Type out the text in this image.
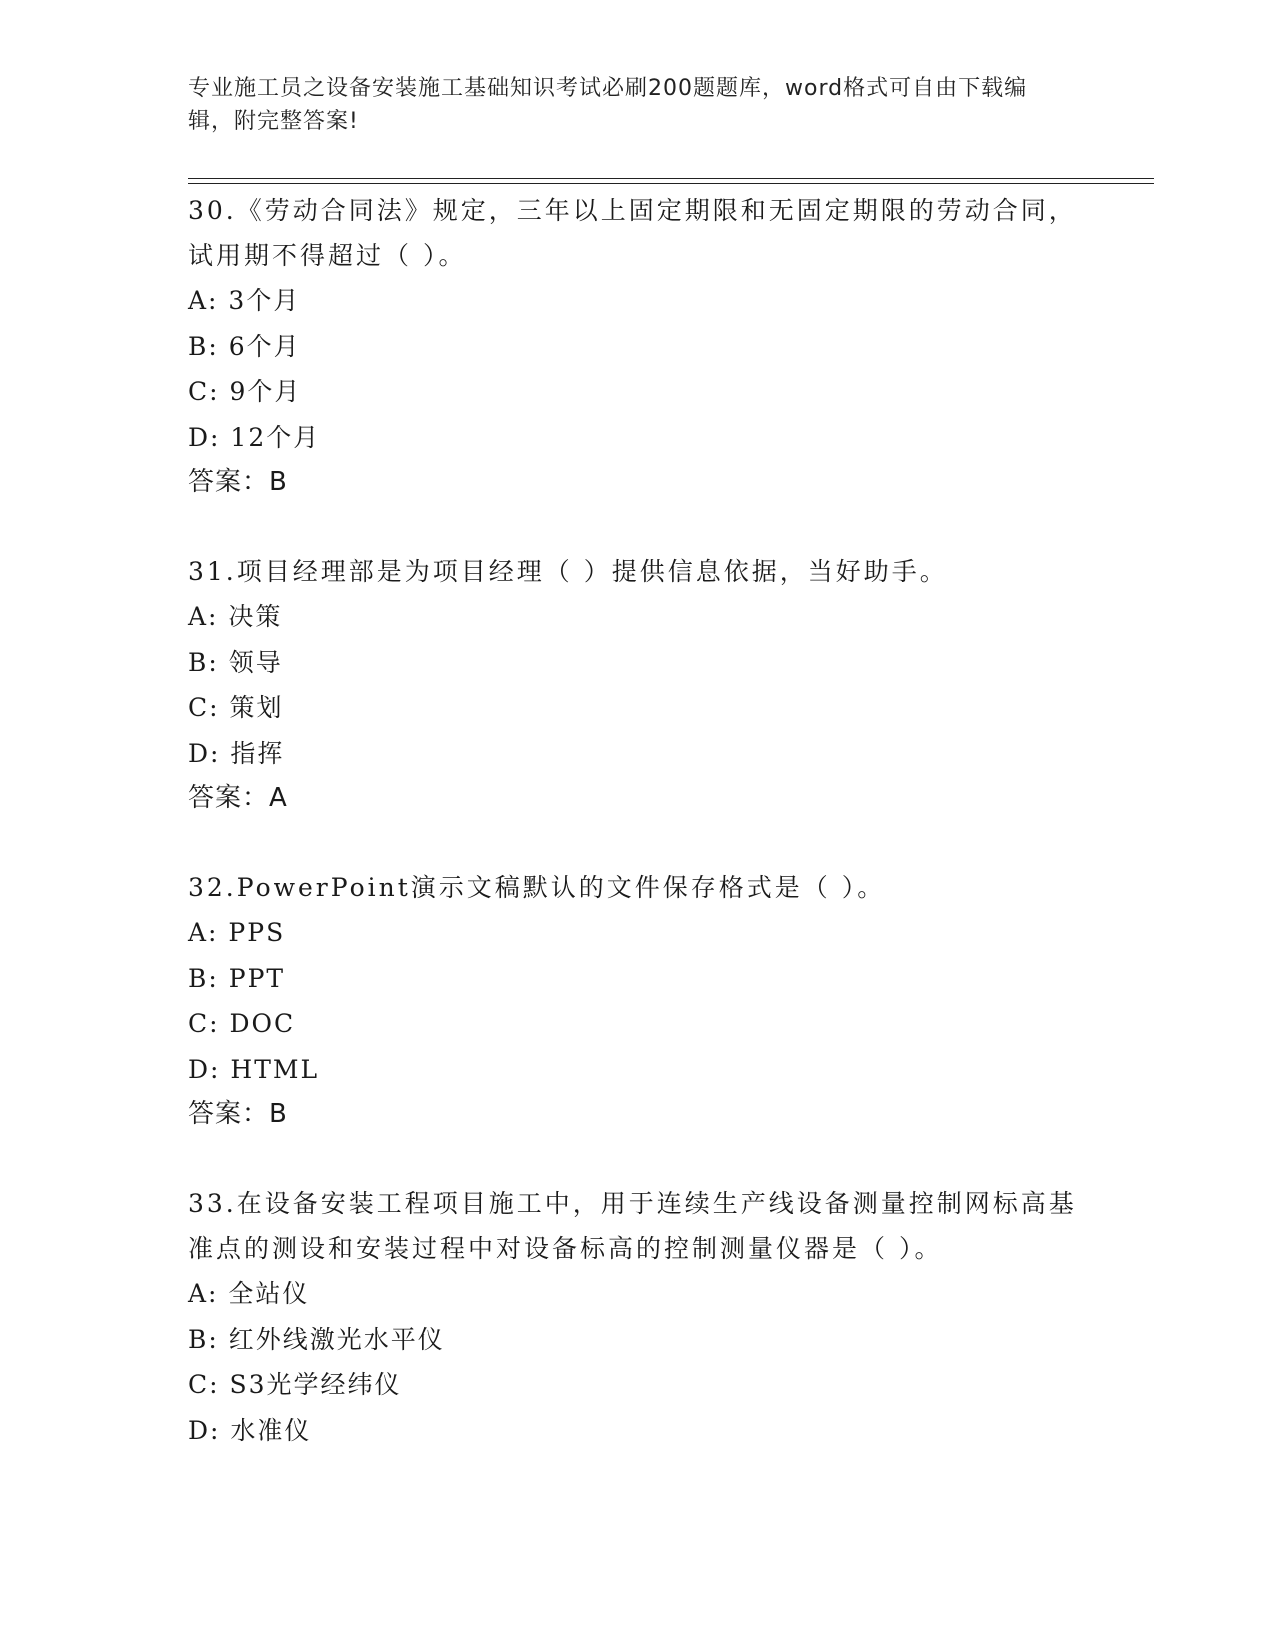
专业施工员之设备安装施工基础知识考试必刷200题题库，word格式可自由下载编辑，附完整答案!
30.《劳动合同法》规定，三年以上固定期限和无固定期限的劳动合同，试用期不得超过（ ）。
A: 3个月
B: 6个月
C: 9个月
D: 12个月
答案：B
31.项目经理部是为项目经理（ ）提供信息依据，当好助手。
A: 决策
B: 领导
C: 策划
D: 指挥
答案：A
32.PowerPoint演示文稿默认的文件保存格式是（ ）。
A: PPS
B: PPT
C: DOC
D: HTML
答案：B
33.在设备安装工程项目施工中，用于连续生产线设备测量控制网标高基准点的测设和安装过程中对设备标高的控制测量仪器是（ ）。
A: 全站仪
B: 红外线激光水平仪
C: S3光学经纬仪
D: 水准仪
